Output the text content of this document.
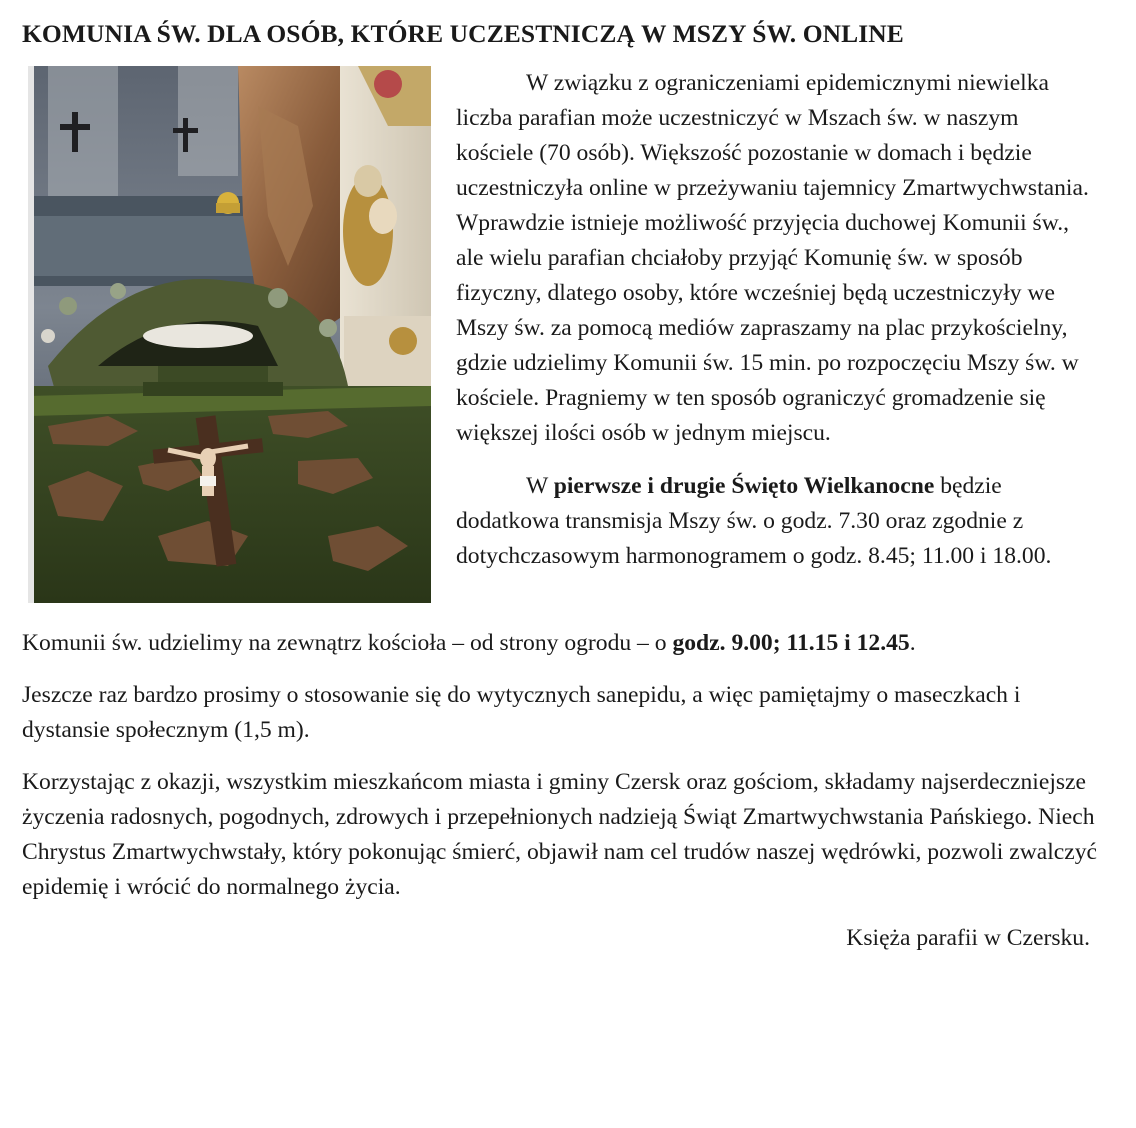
KOMUNIA ŚW. DLA OSÓB, KTÓRE UCZESTNICZĄ W MSZY ŚW. ONLINE

W związku z ograniczeniami epidemicznymi niewielka liczba parafian może uczestniczyć w Mszach św. w naszym kościele (70 osób). Większość pozostanie w domach i będzie uczestniczyła online w przeżywaniu tajemnicy Zmartwychwstania. Wprawdzie istnieje możliwość przyjęcia duchowej Komunii św., ale wielu parafian chciałoby przyjąć Komunię św. w sposób fizyczny, dlatego osoby, które wcześniej będą uczestniczyły we Mszy św. za pomocą mediów zapraszamy na plac przykościelny, gdzie udzielimy Komunii św. 15 min. po rozpoczęciu Mszy św. w kościele. Pragniemy w ten sposób ograniczyć gromadzenie się większej ilości osób w jednym miejscu.

W pierwsze i drugie Święto Wielkanocne będzie dodatkowa transmisja Mszy św. o godz. 7.30 oraz zgodnie z dotychczasowym harmonogramem o godz. 8.45; 11.00 i 18.00.

Komunii św. udzielimy na zewnątrz kościoła – od strony ogrodu – o godz. 9.00; 11.15 i 12.45.

Jeszcze raz bardzo prosimy o stosowanie się do wytycznych sanepidu, a więc pamiętajmy o maseczkach i dystansie społecznym (1,5 m).

Korzystając z okazji, wszystkim mieszkańcom miasta i gminy Czersk oraz gościom, składamy najserdeczniejsze życzenia radosnych, pogodnych, zdrowych i przepełnionych nadzieją Świąt Zmartwychwstania Pańskiego. Niech Chrystus Zmartwychwstały, który pokonując śmierć, objawił nam cel trudów naszej wędrówki, pozwoli zwalczyć epidemię i wrócić do normalnego życia.

Księża parafii w Czersku.
